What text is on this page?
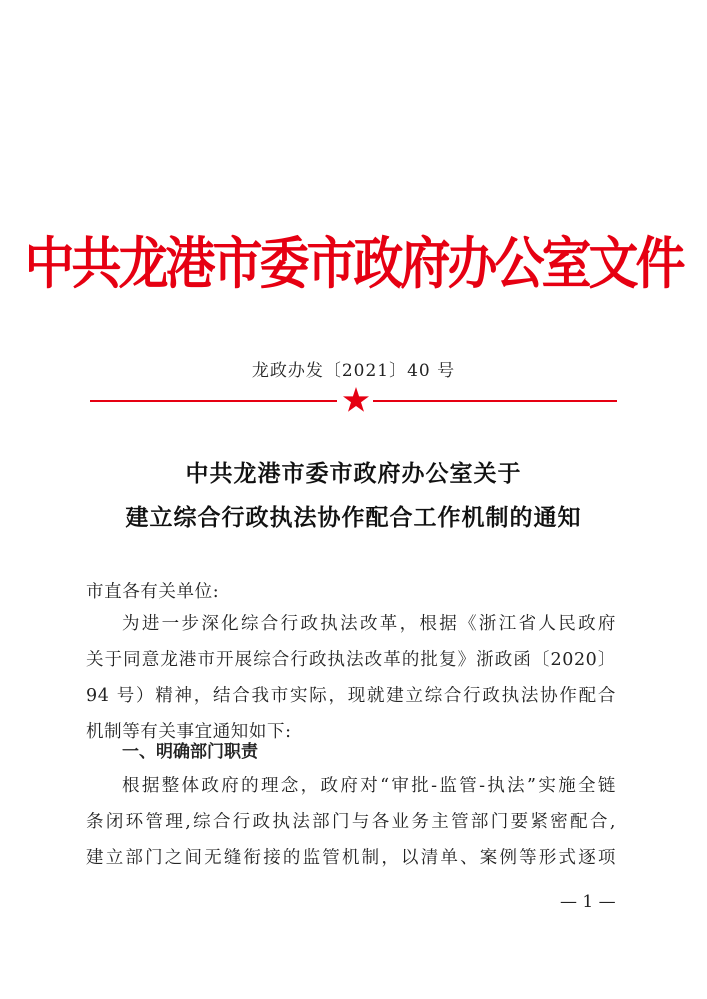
中共龙港市委市政府办公室文件
龙政办发〔2021〕40 号
中共龙港市委市政府办公室关于
建立综合行政执法协作配合工作机制的通知
市直各有关单位:
为进一步深化综合行政执法改革，根据《浙江省人民政府
关于同意龙港市开展综合行政执法改革的批复》浙政函〔2020〕
94 号）精神，结合我市实际，现就建立综合行政执法协作配合
机制等有关事宜通知如下:
一、明确部门职责
根据整体政府的理念，政府对“审批-监管-执法”实施全链
条闭环管理,综合行政执法部门与各业务主管部门要紧密配合,
建立部门之间无缝衔接的监管机制，以清单、案例等形式逐项
— 1 —
